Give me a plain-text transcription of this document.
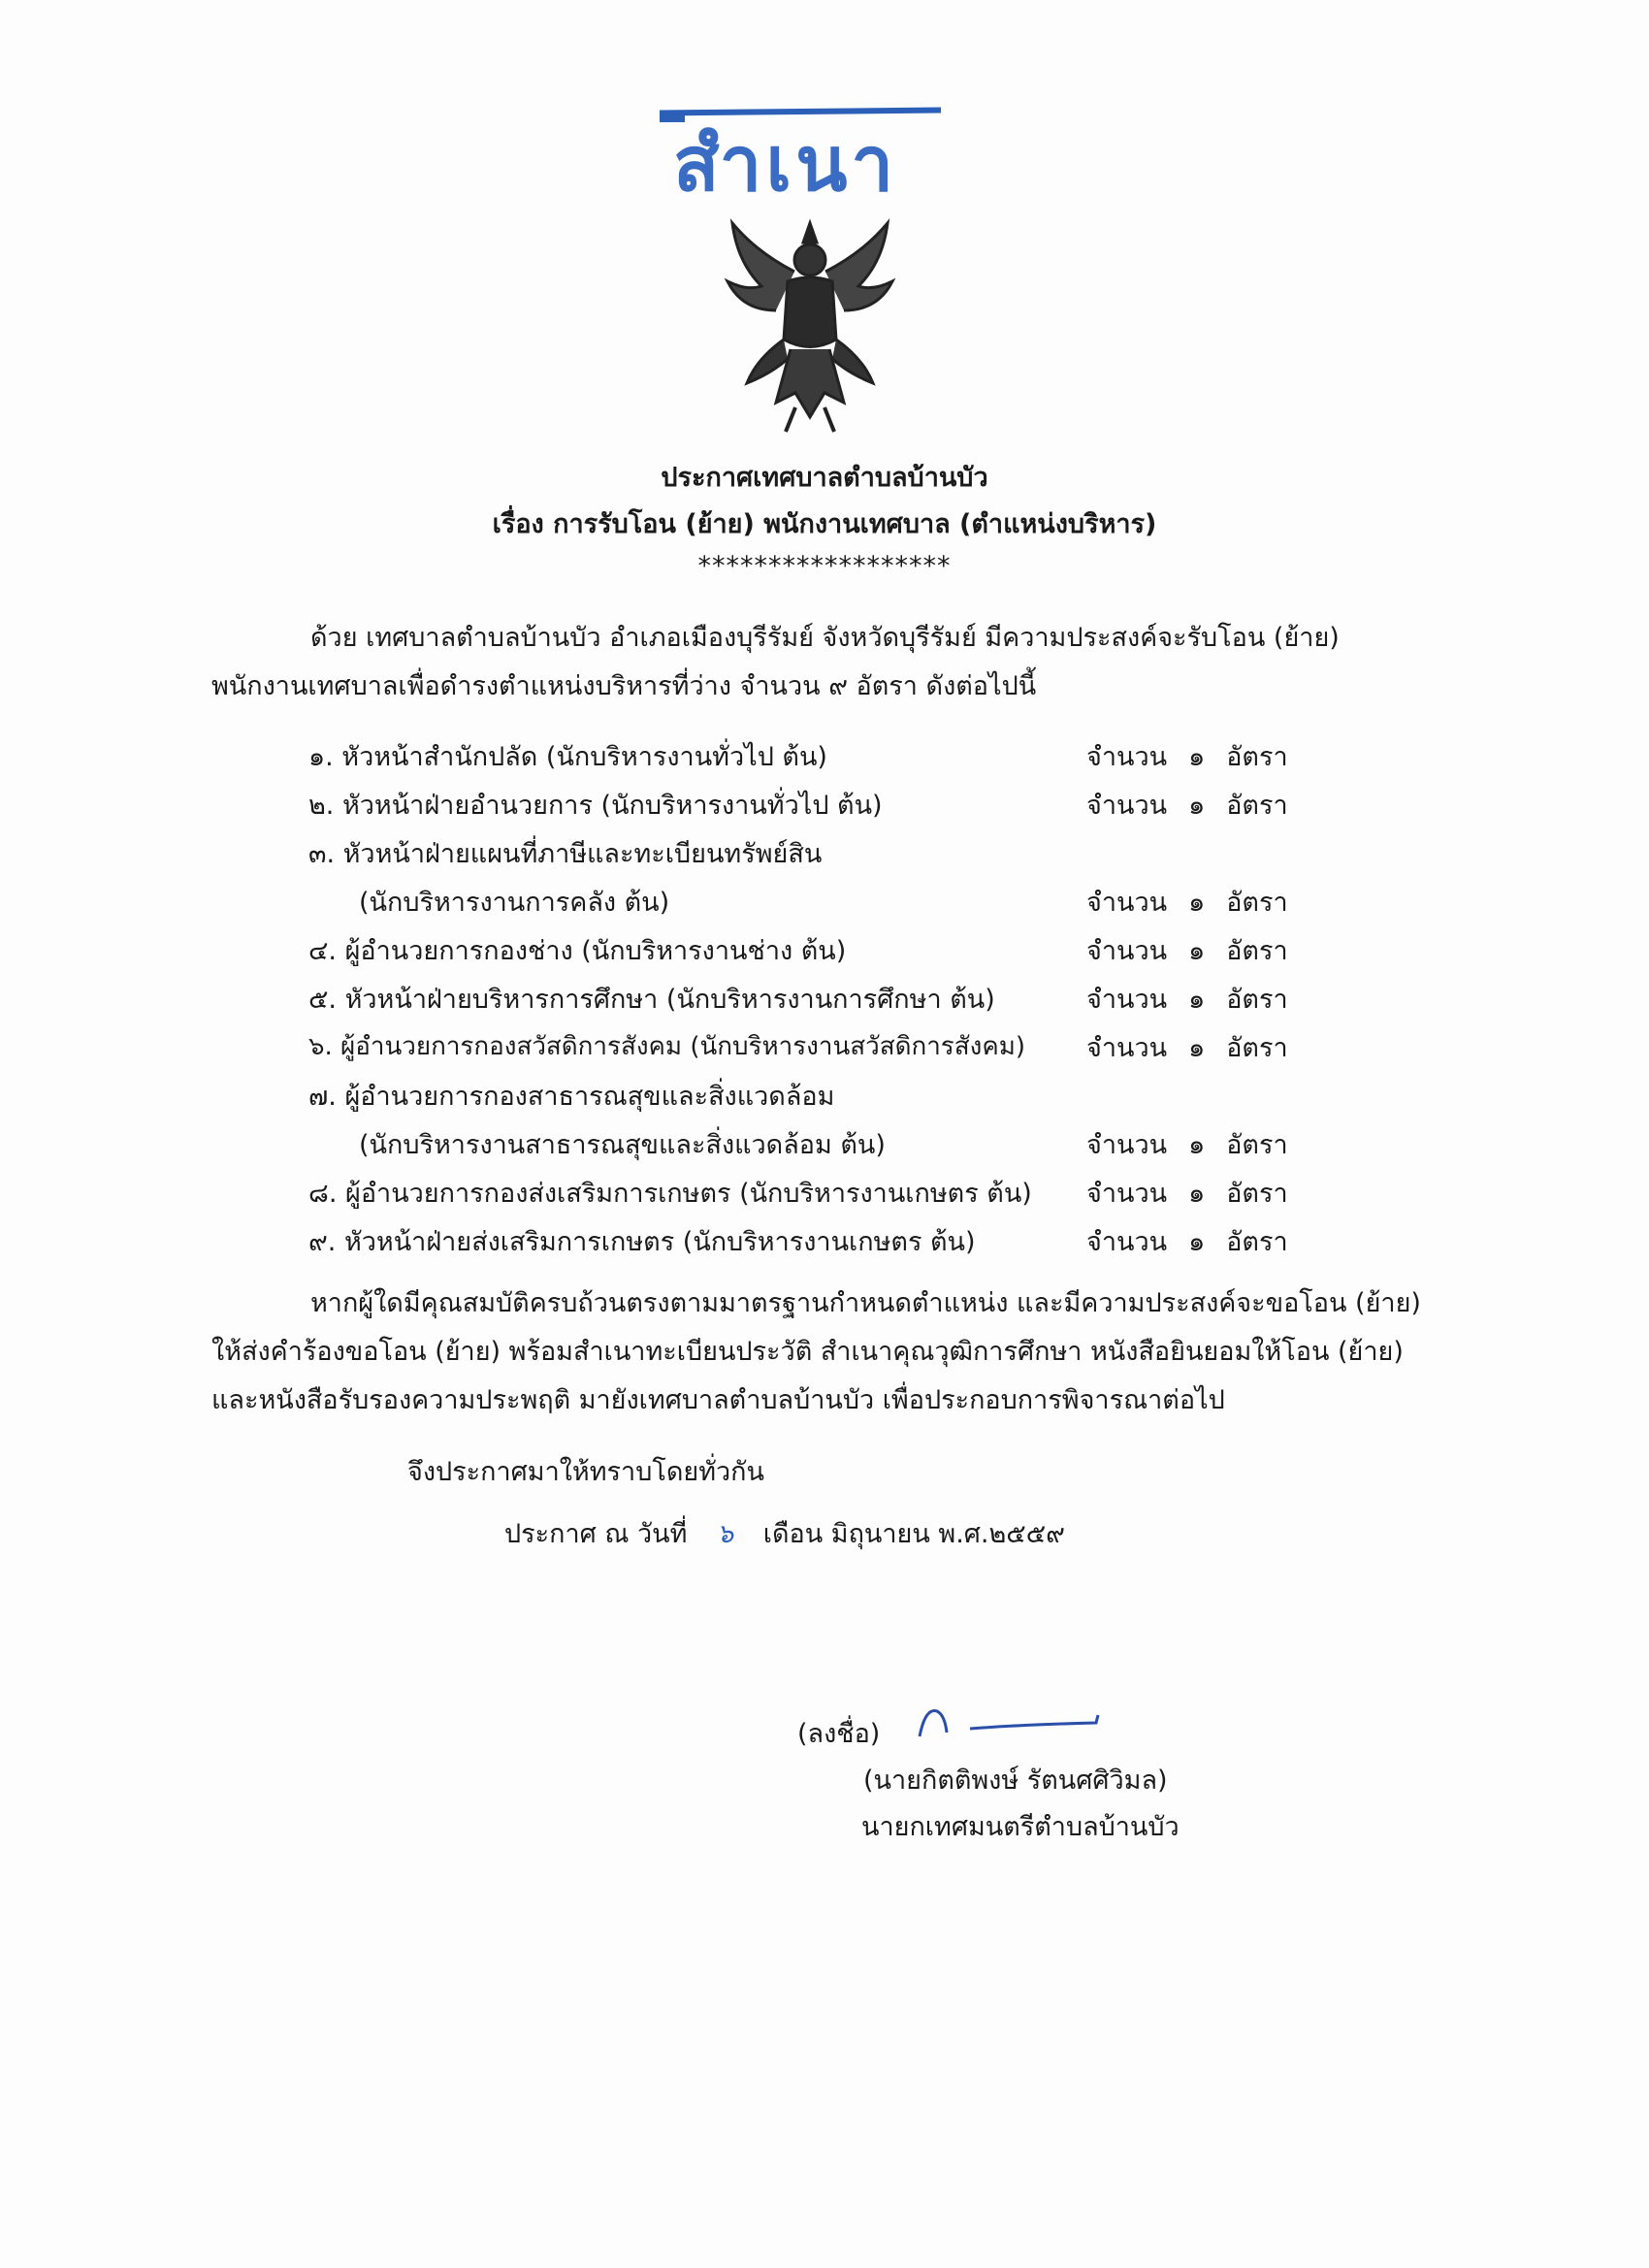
สำเนา
ประกาศเทศบาลตำบลบ้านบัว
เรื่อง การรับโอน (ย้าย) พนักงานเทศบาล (ตำแหน่งบริหาร)
******************
ด้วย เทศบาลตำบลบ้านบัว อำเภอเมืองบุรีรัมย์ จังหวัดบุรีรัมย์ มีความประสงค์จะรับโอน (ย้าย)
พนักงานเทศบาลเพื่อดำรงตำแหน่งบริหารที่ว่าง จำนวน ๙ อัตรา ดังต่อไปนี้
๑. หัวหน้าสำนักปลัด (นักบริหารงานทั่วไป ต้น)	จำนวน ๑ อัตรา
๒. หัวหน้าฝ่ายอำนวยการ (นักบริหารงานทั่วไป ต้น)	จำนวน ๑ อัตรา
๓. หัวหน้าฝ่ายแผนที่ภาษีและทะเบียนทรัพย์สิน
(นักบริหารงานการคลัง ต้น)	จำนวน ๑ อัตรา
๔. ผู้อำนวยการกองช่าง (นักบริหารงานช่าง ต้น)	จำนวน ๑ อัตรา
๕. หัวหน้าฝ่ายบริหารการศึกษา (นักบริหารงานการศึกษา ต้น)	จำนวน ๑ อัตรา
๖. ผู้อำนวยการกองสวัสดิการสังคม (นักบริหารงานสวัสดิการสังคม) จำนวน ๑ อัตรา
๗. ผู้อำนวยการกองสาธารณสุขและสิ่งแวดล้อม
(นักบริหารงานสาธารณสุขและสิ่งแวดล้อม ต้น)	จำนวน ๑ อัตรา
๘. ผู้อำนวยการกองส่งเสริมการเกษตร (นักบริหารงานเกษตร ต้น) จำนวน ๑ อัตรา
๙. หัวหน้าฝ่ายส่งเสริมการเกษตร (นักบริหารงานเกษตร ต้น)	จำนวน ๑ อัตรา
หากผู้ใดมีคุณสมบัติครบถ้วนตรงตามมาตรฐานกำหนดตำแหน่ง และมีความประสงค์จะขอโอน (ย้าย)
ให้ส่งคำร้องขอโอน (ย้าย) พร้อมสำเนาทะเบียนประวัติ สำเนาคุณวุฒิการศึกษา หนังสือยินยอมให้โอน (ย้าย)
และหนังสือรับรองความประพฤติ มายังเทศบาลตำบลบ้านบัว เพื่อประกอบการพิจารณาต่อไป
จึงประกาศมาให้ทราบโดยทั่วกัน
ประกาศ ณ วันที่ ๖ เดือน มิถุนายน พ.ศ.๒๕๕๙
(ลงชื่อ)
(นายกิตติพงษ์ รัตนศศิวิมล)
นายกเทศมนตรีตำบลบ้านบัว
